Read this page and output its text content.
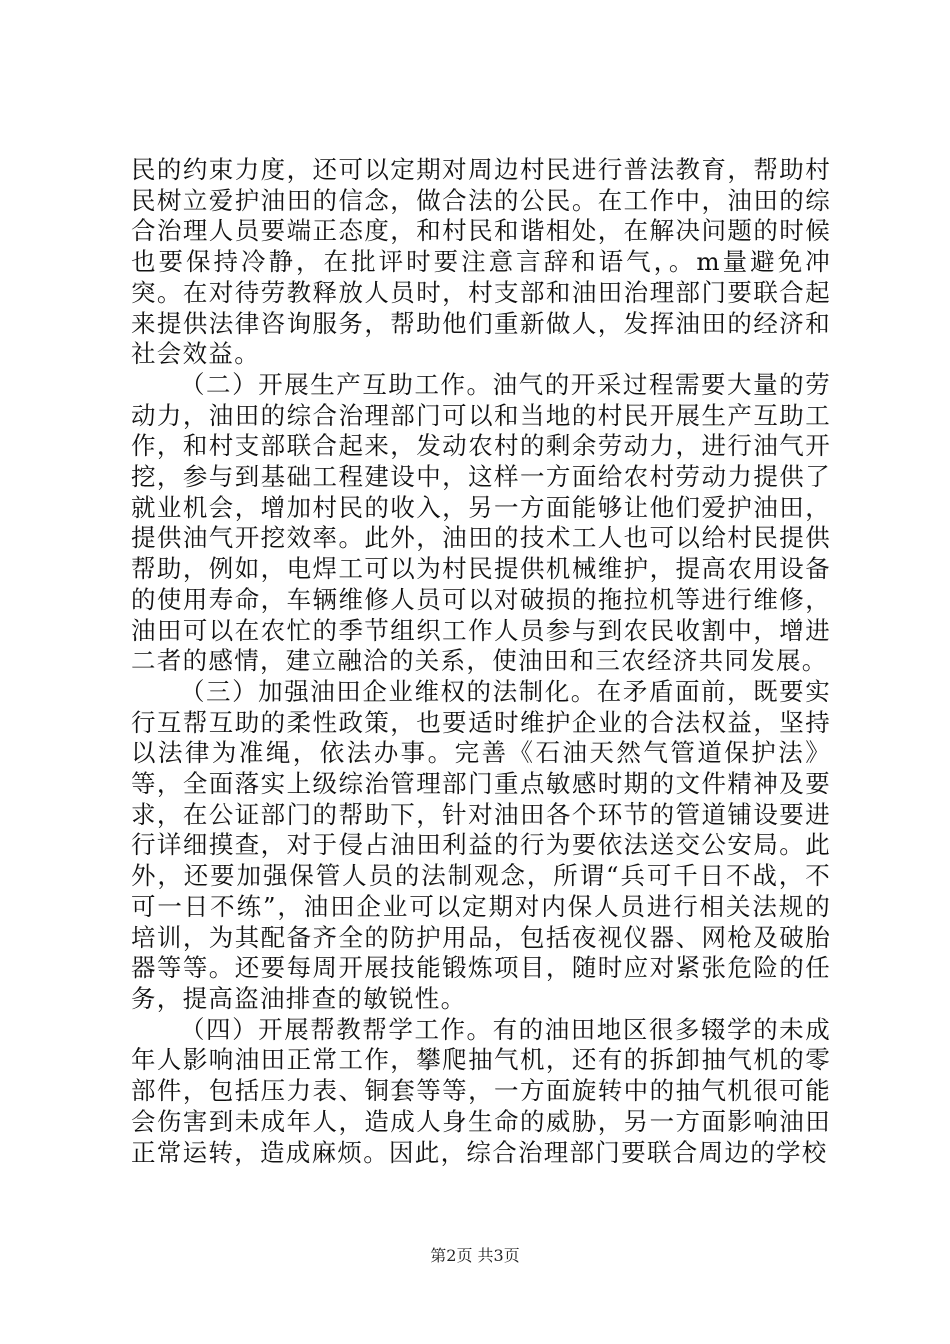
民的约束力度，还可以定期对周边村民进行普法教育，帮助村民树立爱护油田的信念，做合法的公民。在工作中，油田的综合治理人员要端正态度，和村民和谐相处，在解决问题的时候也要保持冷静，在批评时要注意言辞和语气，。m量避免冲突。在对待劳教释放人员时，村支部和油田治理部门要联合起来提供法律咨询服务，帮助他们重新做人，发挥油田的经济和社会效益。

（二）开展生产互助工作。油气的开采过程需要大量的劳动力，油田的综合治理部门可以和当地的村民开展生产互助工作，和村支部联合起来，发动农村的剩余劳动力，进行油气开挖，参与到基础工程建设中，这样一方面给农村劳动力提供了就业机会，增加村民的收入，另一方面能够让他们爱护油田，提供油气开挖效率。此外，油田的技术工人也可以给村民提供帮助，例如，电焊工可以为村民提供机械维护，提高农用设备的使用寿命，车辆维修人员可以对破损的拖拉机等进行维修，油田可以在农忙的季节组织工作人员参与到农民收割中，增进二者的感情，建立融洽的关系，使油田和三农经济共同发展。

（三）加强油田企业维权的法制化。在矛盾面前，既要实行互帮互助的柔性政策，也要适时维护企业的合法权益，坚持以法律为准绳，依法办事。完善《石油天然气管道保护法》等，全面落实上级综治管理部门重点敏感时期的文件精神及要求，在公证部门的帮助下，针对油田各个环节的管道铺设要进行详细摸查，对于侵占油田利益的行为要依法送交公安局。此外，还要加强保管人员的法制观念，所谓“兵可千日不战，不可一日不练”，油田企业可以定期对内保人员进行相关法规的培训，为其配备齐全的防护用品，包括夜视仪器、网枪及破胎器等等。还要每周开展技能锻炼项目，随时应对紧张危险的任务，提高盗油排查的敏锐性。

（四）开展帮教帮学工作。有的油田地区很多辍学的未成年人影响油田正常工作，攀爬抽气机，还有的拆卸抽气机的零部件，包括压力表、铜套等等，一方面旋转中的抽气机很可能会伤害到未成年人，造成人身生命的威胁，另一方面影响油田正常运转，造成麻烦。因此，综合治理部门要联合周边的学校

第2页 共3页
